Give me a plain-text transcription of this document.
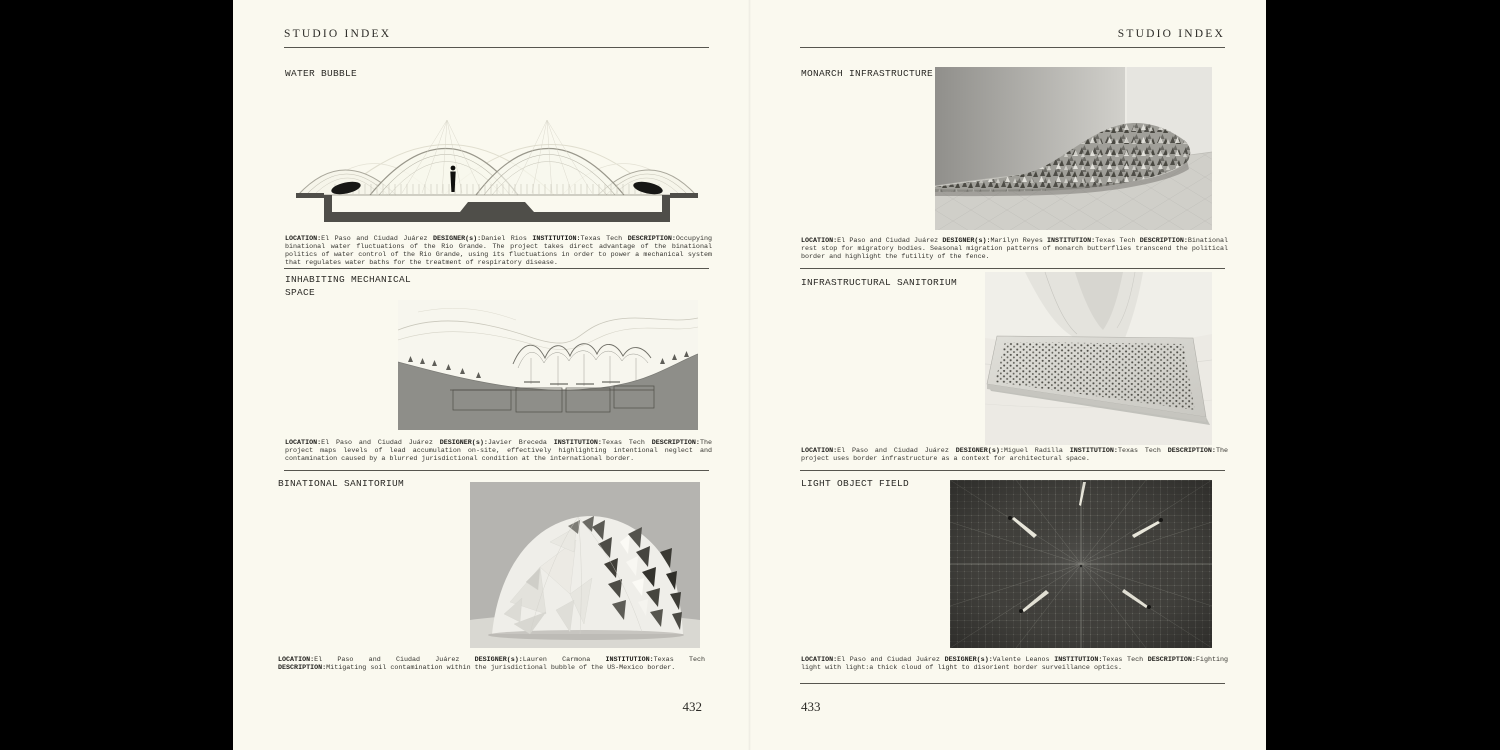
STUDIO INDEX
WATER BUBBLE

LOCATION:El Paso and Ciudad Juárez DESIGNER(s):Daniel Rios INSTITUTION:Texas Tech DESCRIPTION:Occupying binational water fluctuations of the Rio Grande. The project takes direct advantage of the binational politics of water control of the Rio Grande, using its fluctuations in order to power a mechanical system that regulates water baths for the treatment of respiratory disease.

INHABITING MECHANICAL SPACE

LOCATION:El Paso and Ciudad Juárez DESIGNER(s):Javier Breceda INSTITUTION:Texas Tech DESCRIPTION:The project maps levels of lead accumulation on-site, effectively highlighting intentional neglect and contamination caused by a blurred jurisdictional condition at the international border.

BINATIONAL SANITORIUM

LOCATION:El Paso and Ciudad Juárez DESIGNER(s):Lauren Carmona INSTITUTION:Texas Tech DESCRIPTION:Mitigating soil contamination within the jurisdictional bubble of the US-Mexico border.

432
STUDIO INDEX
MONARCH INFRASTRUCTURE

LOCATION:El Paso and Ciudad Juárez DESIGNER(s):Marilyn Reyes INSTITUTION:Texas Tech DESCRIPTION:Binational rest stop for migratory bodies. Seasonal migration patterns of monarch butterflies transcend the political border and highlight the futility of the fence.

INFRASTRUCTURAL SANITORIUM

LOCATION:El Paso and Ciudad Juárez DESIGNER(s):Miguel Radilla INSTITUTION:Texas Tech DESCRIPTION:The project uses border infrastructure as a context for architectural space.

LIGHT OBJECT FIELD

LOCATION:El Paso and Ciudad Juárez DESIGNER(s):Valente Leanos INSTITUTION:Texas Tech DESCRIPTION:Fighting light with light:a thick cloud of light to disorient border surveillance optics.

433
